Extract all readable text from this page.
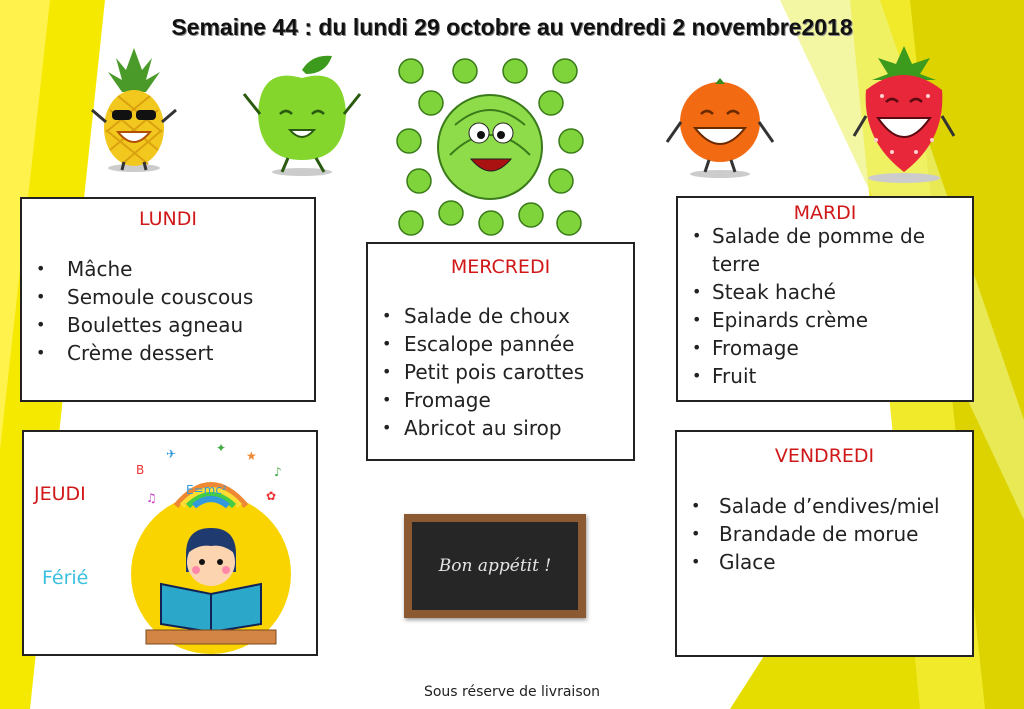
Semaine 44 : du lundi 29 octobre au vendredi 2 novembre2018
LUNDI
• Mâche
• Semoule couscous
• Boulettes agneau
• Crème dessert
MERCREDI
• Salade de choux
• Escalope pannée
• Petit pois carottes
• Fromage
• Abricot au sirop
MARDI
• Salade de pomme de terre
• Steak haché
• Epinards crème
• Fromage
• Fruit
JEUDI
Férié
B
✈	★
♪
♫	✿
✦
E=mc²
Bon appétit !
VENDREDI
• Salade d’endives/miel
• Brandade de morue
• Glace
Sous réserve de livraison
